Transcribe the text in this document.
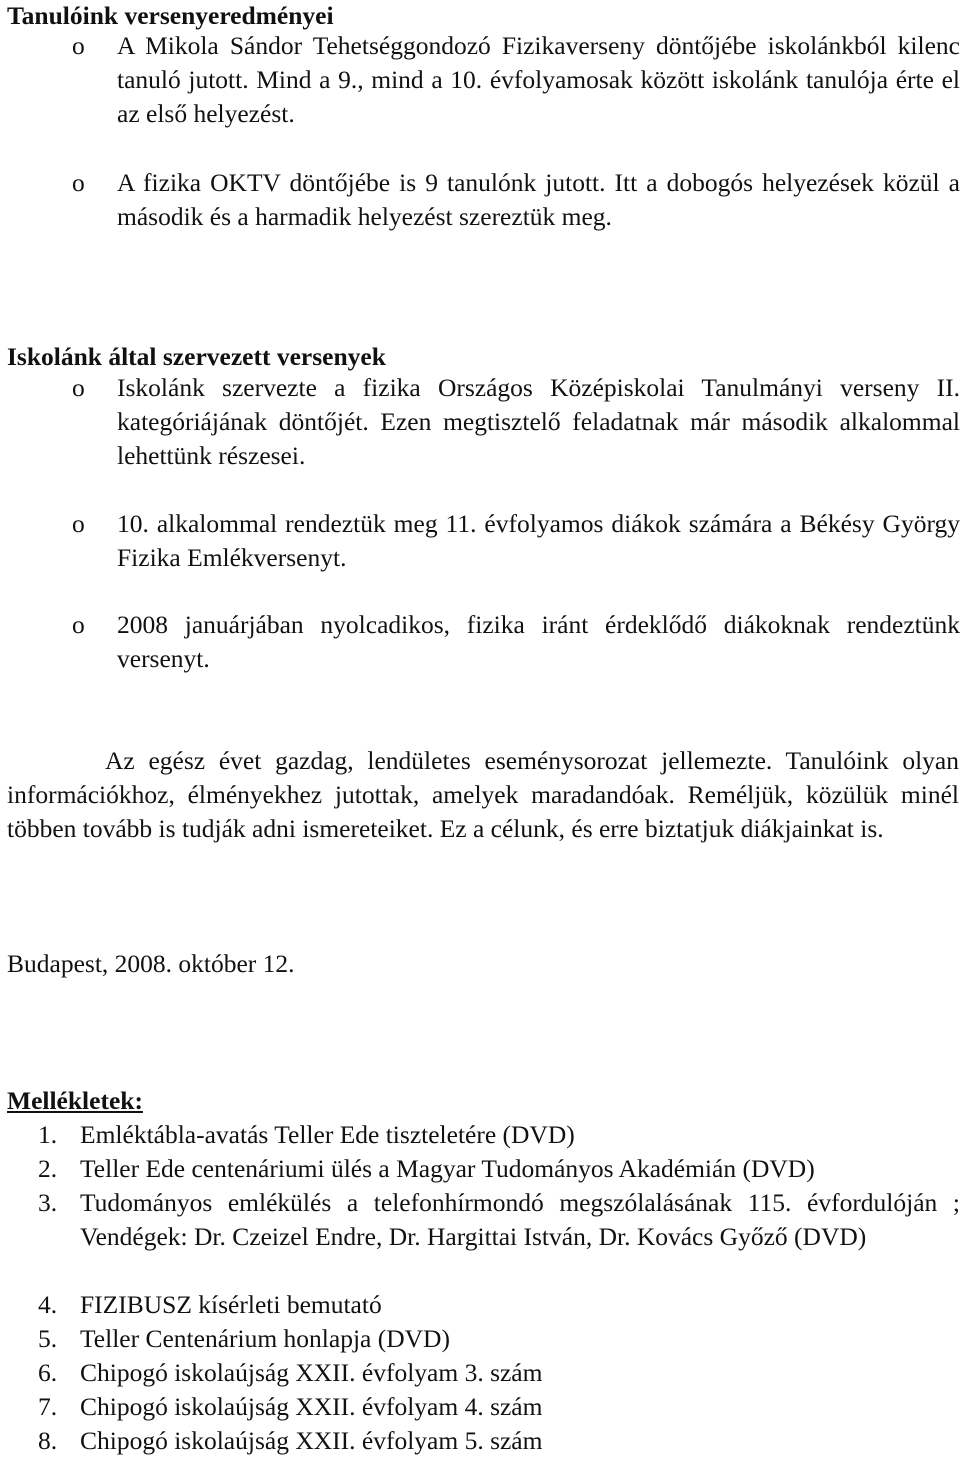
Tanulóink versenyeredményei
o	A Mikola Sándor Tehetséggondozó Fizikaverseny döntőjébe iskolánkból kilenc tanuló jutott. Mind a 9., mind a 10. évfolyamosak között iskolánk tanulója érte el az első helyezést.
o	A fizika OKTV döntőjébe is 9 tanulónk jutott. Itt a dobogós helyezések közül a második és a harmadik helyezést szereztük meg.
Iskolánk által szervezett versenyek
o	Iskolánk szervezte a fizika Országos Középiskolai Tanulmányi verseny II. kategóriájának döntőjét. Ezen megtisztelő feladatnak már második alkalommal lehettünk részesei.
o	10. alkalommal rendeztük meg 11. évfolyamos diákok számára a Békésy György Fizika Emlékversenyt.
o	2008 januárjában nyolcadikos, fizika iránt érdeklődő diákoknak rendeztünk versenyt.

Az egész évet gazdag, lendületes eseménysorozat jellemezte. Tanulóink olyan információkhoz, élményekhez jutottak, amelyek maradandóak. Reméljük, közülük minél többen tovább is tudják adni ismereteiket. Ez a célunk, és erre biztatjuk diákjainkat is.

Budapest, 2008. október 12.
Mellékletek:
1. Emléktábla-avatás Teller Ede tiszteletére (DVD)
2. Teller Ede centenáriumi ülés a Magyar Tudományos Akadémián (DVD)
3. Tudományos emlékülés a telefonhírmondó megszólalásának 115. évfordulóján ; Vendégek: Dr. Czeizel Endre, Dr. Hargittai István, Dr. Kovács Győző (DVD)
4. FIZIBUSZ kísérleti bemutató
5. Teller Centenárium honlapja (DVD)
6. Chipogó iskolaújság XXII. évfolyam 3. szám
7. Chipogó iskolaújság XXII. évfolyam 4. szám
8. Chipogó iskolaújság XXII. évfolyam 5. szám
